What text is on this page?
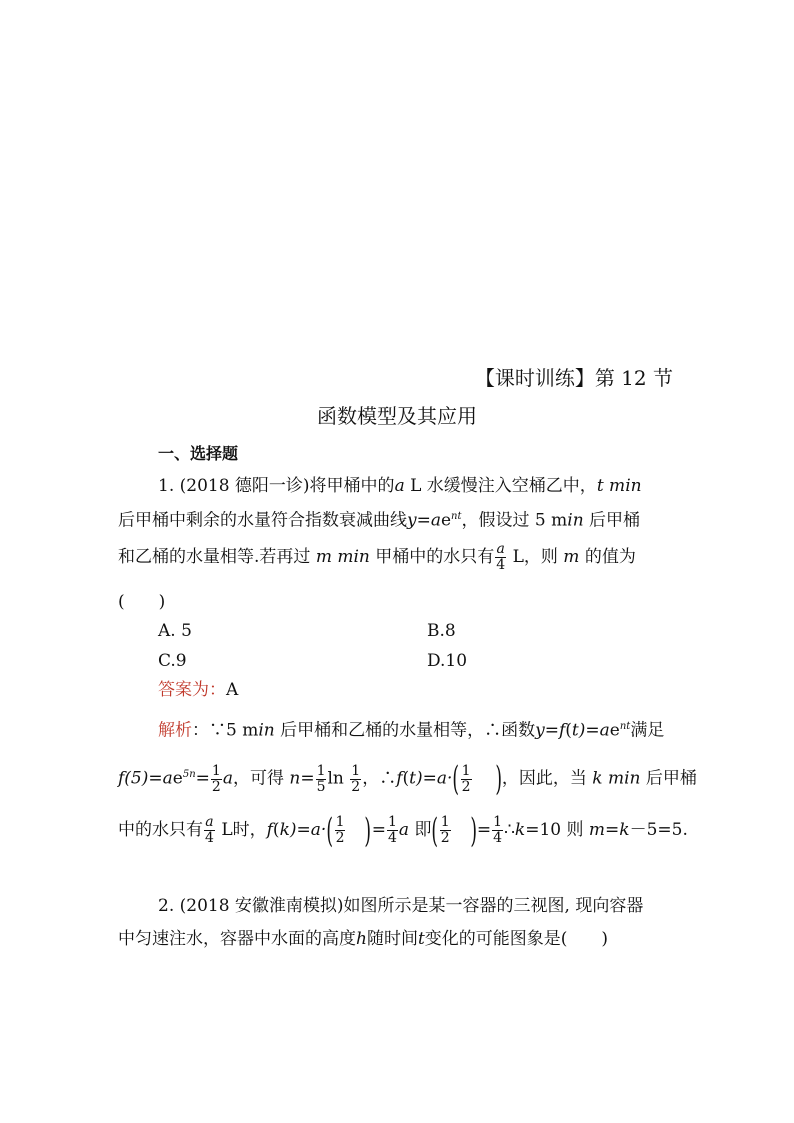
【课时训练】第 12 节
函数模型及其应用
一、选择题
1. (2018 德阳一诊)将甲桶中的a L 水缓慢注入空桶乙中，t min
后甲桶中剩余的水量符合指数衰减曲线$y=ae^{nt}$，假设过 5 min 后甲桶
和乙桶的水量相等.若再过 m min 甲桶中的水只有 $\frac{a}{4}$ L，则 m 的值为
(　　)
A. 5	B.8
C.9	D.10
答案为：A
解析：∵5 min 后甲桶和乙桶的水量相等，∴函数$y=f(t)=ae^{nt}$满足
$f(5)=ae^{5n}= \frac{1}{2}$ a，可得 $n= \frac{1}{5}$ $\ln \frac{1}{2}$ ，∴f(t)=a·( $\frac{1}{2}$ )，因此，当 k min 后甲桶
中的水只有 $\frac{a}{4}$ L时，$f(k)=a\cdot( \frac{1}{2}$ )= $\frac{1}{4}$ a 即( $\frac{1}{2}$ )= $\frac{1}{4}$ ∴k=10 则 m=k－5=5.
2. (2018 安徽淮南模拟)如图所示是某一容器的三视图, 现向容器
中匀速注水，容器中水面的高度h随时间t变化的可能图象是(　　)
